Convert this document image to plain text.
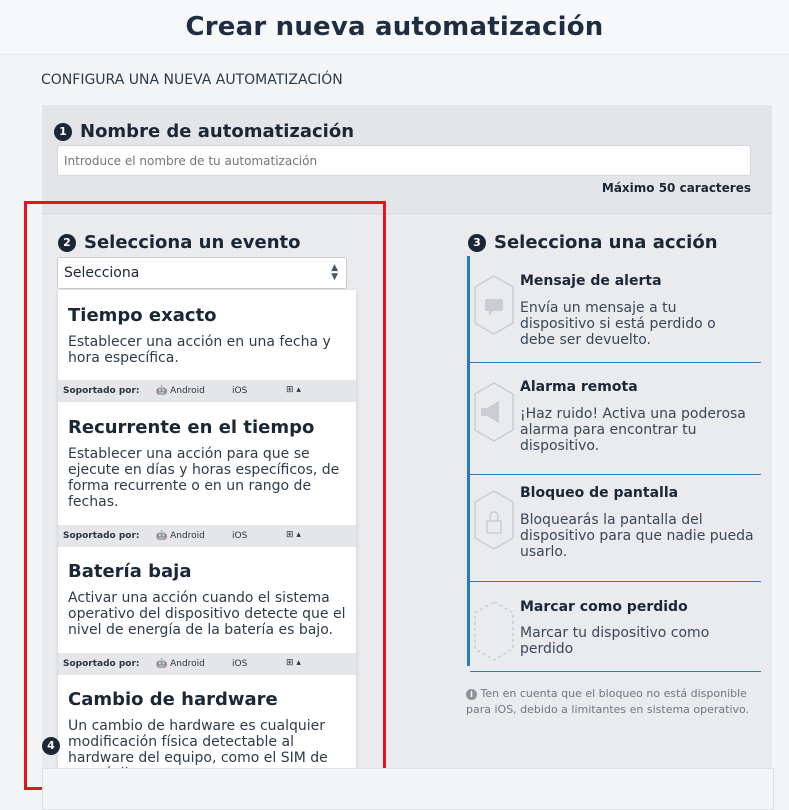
Crear nueva automatización
CONFIGURA UNA NUEVA AUTOMATIZACIÓN
1 Nombre de automatización
Introduce el nombre de tu automatización
Máximo 50 caracteres
2 Selecciona un evento
Selecciona	▲
▼
Tiempo exacto
Establecer una acción en una fecha y hora específica.
Soportado por: 🤖 Android	iOS	⊞ ▴
Recurrente en el tiempo
Establecer una acción para que se ejecute en días y horas específicos, de forma recurrente o en un rango de fechas.
Soportado por: 🤖 Android	iOS	⊞ ▴
Batería baja
Activar una acción cuando el sistema operativo del dispositivo detecte que el nivel de energía de la batería es bajo.
Soportado por: 🤖 Android	iOS	⊞ ▴
Cambio de hardware
Un cambio de hardware es cualquier modificación física detectable al hardware del equipo, como el SIM de
3 Selecciona una acción
Mensaje de alerta
Envía un mensaje a tu dispositivo si está perdido o debe ser devuelto.
Alarma remota
¡Haz ruido! Activa una poderosa alarma para encontrar tu dispositivo.
Bloqueo de pantalla
Bloquearás la pantalla del dispositivo para que nadie pueda usarlo.
Marcar como perdido
Marcar tu dispositivo como perdido
i Ten en cuenta que el bloqueo no está disponible para iOS, debido a limitantes en sistema operativo.
4
